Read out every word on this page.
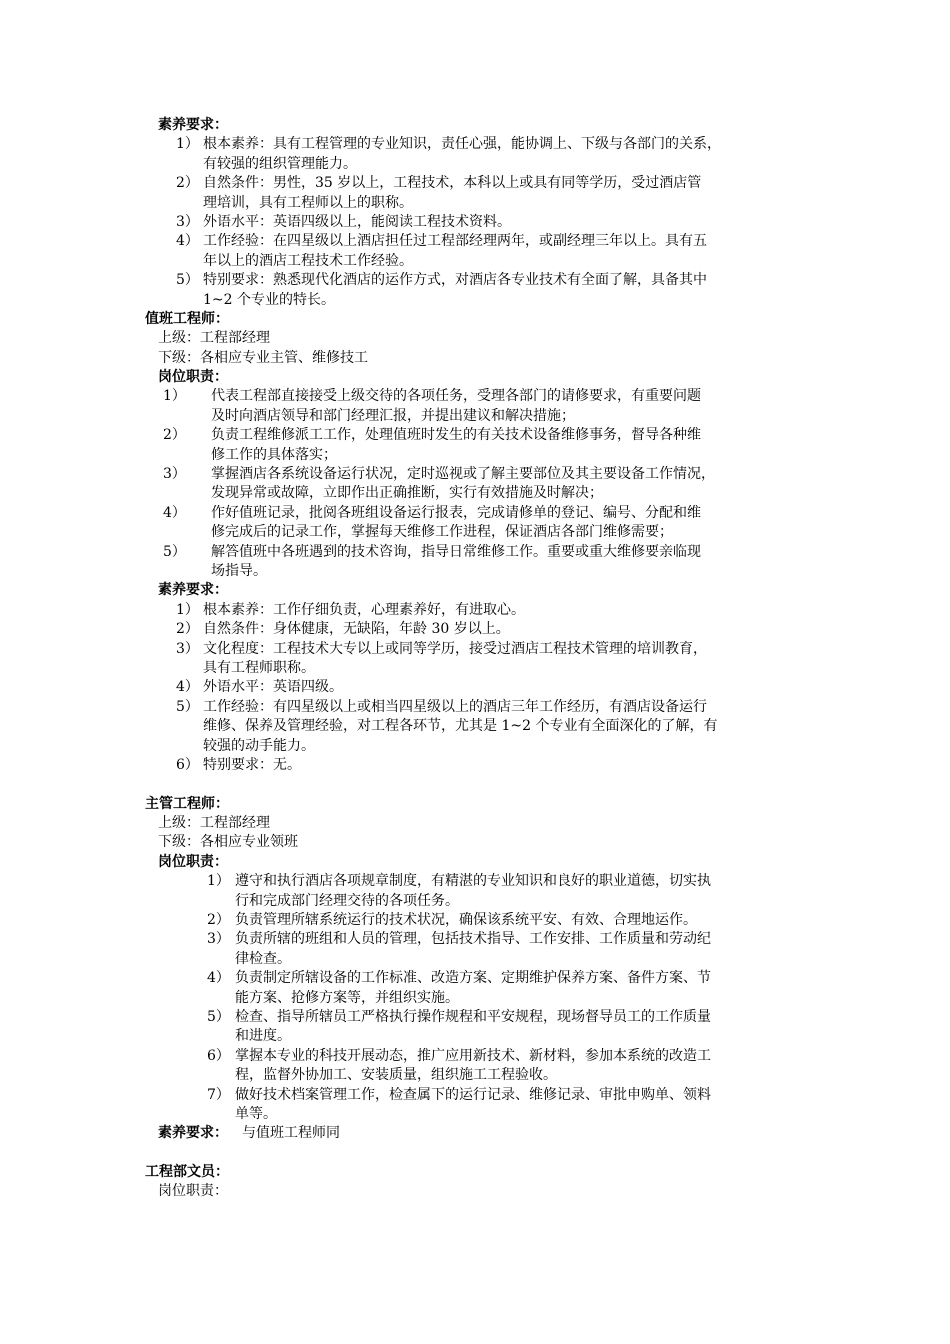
素养要求：
1） 根本素养：具有工程管理的专业知识，责任心强，能协调上、下级与各部门的关系，
有较强的组织管理能力。
2） 自然条件：男性，35 岁以上，工程技术，本科以上或具有同等学历，受过酒店管
理培训，具有工程师以上的职称。
3） 外语水平：英语四级以上，能阅读工程技术资料。
4） 工作经验：在四星级以上酒店担任过工程部经理两年，或副经理三年以上。具有五
年以上的酒店工程技术工作经验。
5） 特别要求：熟悉现代化酒店的运作方式，对酒店各专业技术有全面了解，具备其中
1~2 个专业的特长。
值班工程师：
上级：工程部经理
下级：各相应专业主管、维修技工
岗位职责：
1） 代表工程部直接接受上级交待的各项任务，受理各部门的请修要求，有重要问题
及时向酒店领导和部门经理汇报，并提出建议和解决措施；
2） 负责工程维修派工工作，处理值班时发生的有关技术设备维修事务，督导各种维
修工作的具体落实；
3） 掌握酒店各系统设备运行状况，定时巡视或了解主要部位及其主要设备工作情况，
发现异常或故障，立即作出正确推断，实行有效措施及时解决；
4） 作好值班记录，批阅各班组设备运行报表，完成请修单的登记、编号、分配和维
修完成后的记录工作，掌握每天维修工作进程，保证酒店各部门维修需要；
5） 解答值班中各班遇到的技术咨询，指导日常维修工作。重要或重大维修要亲临现
场指导。
素养要求：
1） 根本素养：工作仔细负责，心理素养好，有进取心。
2） 自然条件：身体健康，无缺陷，年龄 30 岁以上。
3） 文化程度：工程技术大专以上或同等学历，接受过酒店工程技术管理的培训教育，
具有工程师职称。
4） 外语水平：英语四级。
5） 工作经验：有四星级以上或相当四星级以上的酒店三年工作经历，有酒店设备运行
维修、保养及管理经验，对工程各环节，尤其是 1~2 个专业有全面深化的了解，有
较强的动手能力。
6） 特别要求：无。
主管工程师：
上级：工程部经理
下级：各相应专业领班
岗位职责：
1） 遵守和执行酒店各项规章制度，有精湛的专业知识和良好的职业道德，切实执
行和完成部门经理交待的各项任务。
2） 负责管理所辖系统运行的技术状况，确保该系统平安、有效、合理地运作。
3） 负责所辖的班组和人员的管理，包括技术指导、工作安排、工作质量和劳动纪
律检查。
4） 负责制定所辖设备的工作标准、改造方案、定期维护保养方案、备件方案、节
能方案、抢修方案等，并组织实施。
5） 检查、指导所辖员工严格执行操作规程和平安规程，现场督导员工的工作质量
和进度。
6） 掌握本专业的科技开展动态，推广应用新技术、新材料，参加本系统的改造工
程，监督外协加工、安装质量，组织施工工程验收。
7） 做好技术档案管理工作，检查属下的运行记录、维修记录、审批申购单、领料
单等。
素养要求： 与值班工程师同
工程部文员：
岗位职责：
